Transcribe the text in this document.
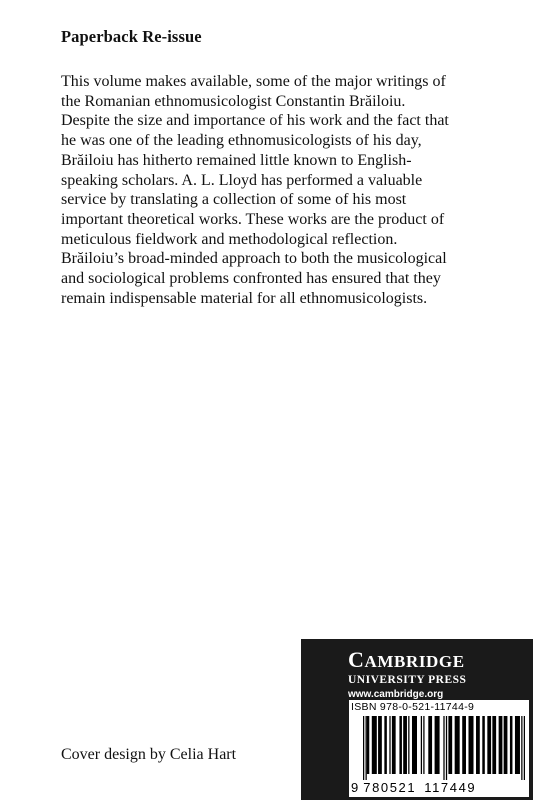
Paperback Re-issue
This volume makes available, some of the major writings of
the Romanian ethnomusicologist Constantin Brăiloiu.
Despite the size and importance of his work and the fact that
he was one of the leading ethnomusicologists of his day,
Brăiloiu has hitherto remained little known to English-
speaking scholars. A. L. Lloyd has performed a valuable
service by translating a collection of some of his most
important theoretical works. These works are the product of
meticulous fieldwork and methodological reflection.
Brăiloiu’s broad-minded approach to both the musicological
and sociological problems confronted has ensured that they
remain indispensable material for all ethnomusicologists.
Cover design by Celia Hart
CAMBRIDGE
UNIVERSITY PRESS
www.cambridge.org
ISBN 978-0-521-11744-9
9 780521 117449
